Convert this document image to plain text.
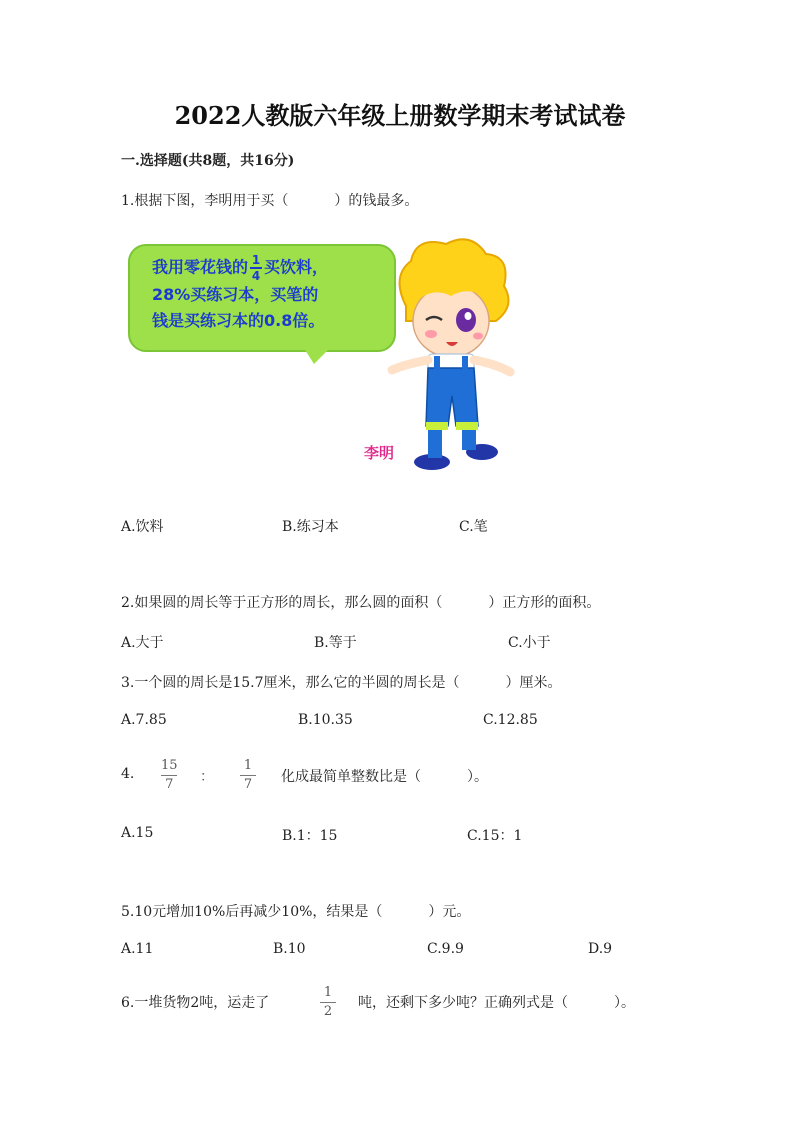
2022人教版六年级上册数学期末考试试卷
一.选择题(共8题，共16分)
1.根据下图，李明用于买（	）的钱最多。
我用零花钱的 $\frac{1}{4}$ 买饮料，
28%买练习本，买笔的
钱是买练习本的0.8倍。
李明
A.饮料	B.练习本	C.笔
2.如果圆的周长等于正方形的周长，那么圆的面积（	）正方形的面积。
A.大于	B.等于	C.小于
3.一个圆的周长是15.7厘米，那么它的半圆的周长是（	）厘米。
A.7.85	B.10.35	C.12.85
4.
15
7 ：
1
7 化成最简单整数比是（	）。
A.15	B.1：15	C.15：1
5.10元增加10%后再减少10%，结果是（	）元。
A.11	B.10	C.9.9	D.9
6.一堆货物2吨，运走了
1
2
吨，还剩下多少吨？正确列式是（	）。
